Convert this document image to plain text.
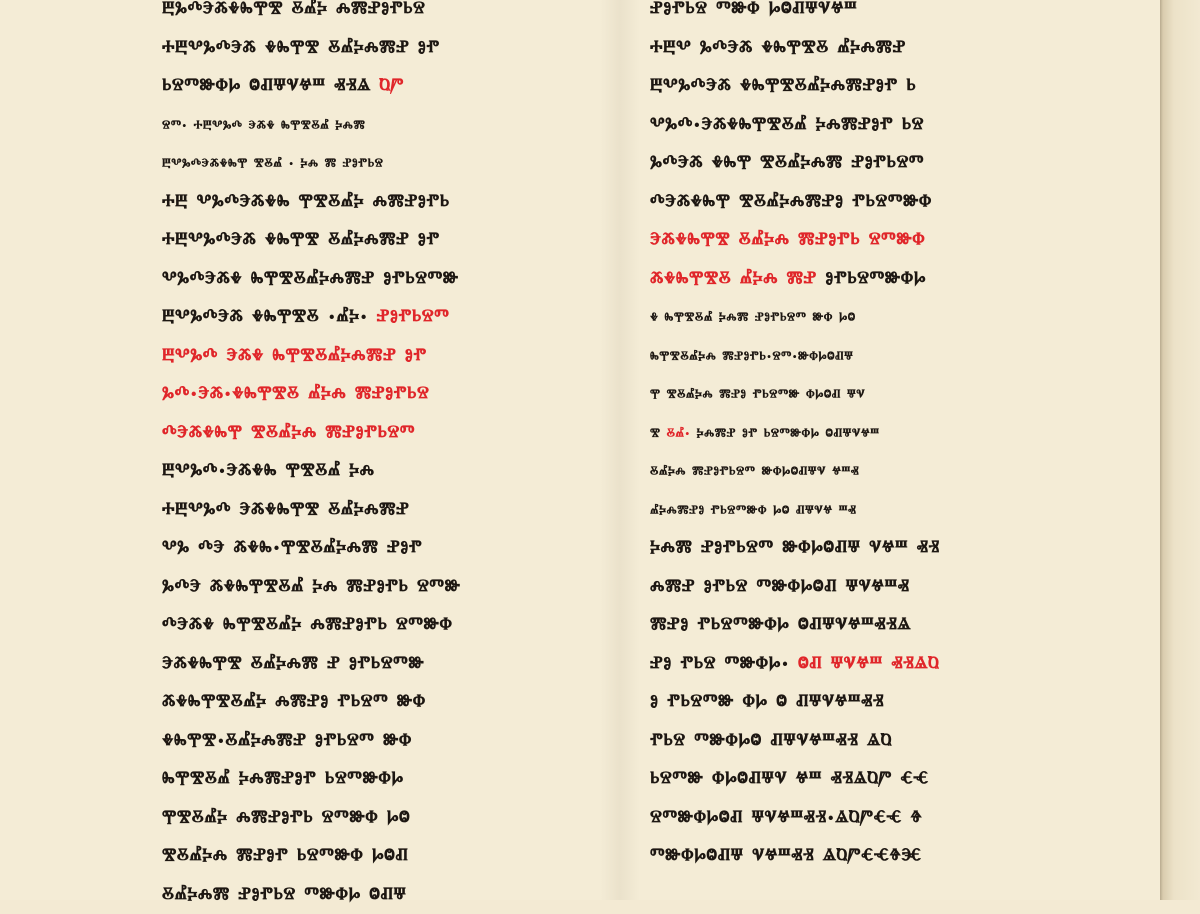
ⰱⰳⰴⰵⰶⰷⰸⰹⰺ ⰻⰼⰽ ⰾⰿⱀⱁⱂⱃⱄ
ⰰⰱⰲⰳⰴⰵⰶ ⰷⰸⰹⰺ ⰻⰼⰽⰾⰿⱀ ⱁⱂ
ⱃⱄⱅⱆⱇⱈ ⱉⱊⱋⱌⱍⱎ ⱏⱐⱑ ⱒⱓ
ⱄⱅ· ⰰⰱⰲⰳⰴ ⰵⰶⰷ ⰸⰹⰺⰻⰼ ⰽⰾⰿ
ⰱⰲⰳⰴⰵⰶⰷⰸⰹ ⰺⰻⰼ · ⰽⰾ ⰿ ⱀⱁⱂⱃⱄ
ⰰⰱ ⰲⰳⰴⰵⰶⰷⰸ ⰹⰺⰻⰼⰽ ⰾⰿⱀⱁⱂⱃ
ⰰⰱⰲⰳⰴⰵⰶ ⰷⰸⰹⰺ ⰻⰼⰽⰾⰿⱀ ⱁⱂ
ⰲⰳⰴⰵⰶⰷ ⰸⰹⰺⰻⰼⰽⰾⰿⱀ ⱁⱂⱃⱄⱅⱆ
ⰱⰲⰳⰴⰵⰶ ⰷⰸⰹⰺⰻ ·ⰼⰽ· ⱀⱁⱂⱃⱄⱅ
ⰱⰲⰳⰴ ⰵⰶⰷ ⰸⰹⰺⰻⰼⰽⰾⰿⱀ ⱁⱂ
ⰳⰴ·ⰵⰶ·ⰷⰸⰹⰺⰻ ⰼⰽⰾ ⰿⱀⱁⱂⱃⱄ
ⰴⰵⰶⰷⰸⰹ ⰺⰻⰼⰽⰾ ⰿⱀⱁⱂⱃⱄⱅ
ⰱⰲⰳⰴ·ⰵⰶⰷⰸ ⰹⰺⰻⰼ ⰽⰾ
ⰰⰱⰲⰳⰴ ⰵⰶⰷⰸⰹⰺ ⰻⰼⰽⰾⰿⱀ
ⰲⰳ ⰴⰵ ⰶⰷⰸ·ⰹⰺⰻⰼⰽⰾⰿ ⱀⱁⱂ
ⰳⰴⰵ ⰶⰷⰸⰹⰺⰻⰼ ⰽⰾ ⰿⱀⱁⱂⱃ ⱄⱅⱆ
ⰴⰵⰶⰷ ⰸⰹⰺⰻⰼⰽ ⰾⰿⱀⱁⱂⱃ ⱄⱅⱆⱇ
ⰵⰶⰷⰸⰹⰺ ⰻⰼⰽⰾⰿ ⱀ ⱁⱂⱃⱄⱅⱆ
ⰶⰷⰸⰹⰺⰻⰼⰽ ⰾⰿⱀⱁ ⱂⱃⱄⱅ ⱆⱇ
ⰷⰸⰹⰺ·ⰻⰼⰽⰾⰿⱀ ⱁⱂⱃⱄⱅ ⱆⱇ
ⰸⰹⰺⰻⰼ ⰽⰾⰿⱀⱁⱂ ⱃⱄⱅⱆⱇⱈ
ⰹⰺⰻⰼⰽ ⰾⰿⱀⱁⱂⱃ ⱄⱅⱆⱇ ⱈⱉ
ⰺⰻⰼⰽⰾ ⰿⱀⱁⱂ ⱃⱄⱅⱆⱇ ⱈⱉⱊ
ⰻⰼⰽⰾⰿ ⱀⱁⱂⱃⱄ ⱅⱆⱇⱈ ⱉⱊⱋ
ⱀⱁⱂⱃⱄ ⱅⱆⱇ ⱈⱉⱊⱋⱌⱍⱎ
ⰰⰱⰲ ⰳⰴⰵⰶ ⰷⰸⰹⰺⰻ ⰼⰽⰾⰿⱀ
ⰱⰲⰳⰴⰵⰶ ⰷⰸⰹⰺⰻⰼⰽⰾⰿⱀⱁⱂ ⱃ
ⰲⰳⰴ·ⰵⰶⰷⰸⰹⰺⰻⰼ ⰽⰾⰿⱀⱁⱂ ⱃⱄ
ⰳⰴⰵⰶ ⰷⰸⰹ ⰺⰻⰼⰽⰾⰿ ⱀⱁⱂⱃⱄⱅ
ⰴⰵⰶⰷⰸⰹ ⰺⰻⰼⰽⰾⰿⱀⱁ ⱂⱃⱄⱅⱆⱇ
ⰵⰶⰷⰸⰹⰺ ⰻⰼⰽⰾ ⰿⱀⱁⱂⱃ ⱄⱅⱆⱇ
ⰶⰷⰸⰹⰺⰻ ⰼⰽⰾ ⰿⱀ ⱁⱂⱃⱄⱅⱆⱇⱈ
ⰷ ⰸⰹⰺⰻⰼ ⰽⰾⰿ ⱀⱁⱂⱃⱄⱅ ⱆⱇ ⱈⱉ
ⰸⰹⰺⰻⰼⰽⰾ ⰿⱀⱁⱂⱃ·ⱄⱅ·ⱆⱇⱈⱉⱊⱋ
ⰹ ⰺⰻⰼⰽⰾ ⰿⱀⱁ ⱂⱃⱄⱅⱆ ⱇⱈⱉⱊ ⱋⱌ
ⰺ ⰻⰼ· ⰽⰾⰿⱀ ⱁⱂ ⱃⱄⱅⱆⱇⱈ ⱉⱊⱋⱌⱍⱎ
ⰻⰼⰽⰾ ⰿⱀⱁⱂⱃⱄⱅ ⱆⱇⱈⱉⱊⱋⱌ ⱍⱎⱏ
ⰼⰽⰾⰿⱀⱁ ⱂⱃⱄⱅⱆⱇ ⱈⱉ ⱊⱋⱌⱍ ⱎⱏ
ⰽⰾⰿ ⱀⱁⱂⱃⱄⱅ ⱆⱇⱈⱉⱊⱋ ⱌⱍⱎ ⱏⱐ
ⰾⰿⱀ ⱁⱂⱃⱄ ⱅⱆⱇⱈⱉⱊ ⱋⱌⱍⱎⱏ
ⰿⱀⱁ ⱂⱃⱄⱅⱆⱇⱈ ⱉⱊⱋⱌⱍⱎⱏⱐⱑ
ⱀⱁ ⱂⱃⱄ ⱅⱆⱇⱈ· ⱉⱊ ⱋⱌⱍⱎ ⱏⱐⱑⱒ
ⱁ ⱂⱃⱄⱅⱆ ⱇⱈ ⱉ ⱊⱋⱌⱍⱎⱏⱐ
ⱂⱃⱄ ⱅⱆⱇⱈⱉ ⱊⱋⱌⱍⱎⱏⱐ ⱑⱒ
ⱃⱄⱅⱆ ⱇⱈⱉⱊⱋⱌ ⱍⱎ ⱏⱐⱑⱒⱓ ⱔⱕ
ⱄⱅⱆⱇⱈⱉⱊ ⱋⱌⱍⱎⱏⱐ·ⱑⱒⱓⱔⱕ ⱖ
ⱅⱆⱇⱈⱉⱊⱋ ⱌⱍⱎⱏⱐ ⱑⱒⱓⱔⱕⱖⱗ
